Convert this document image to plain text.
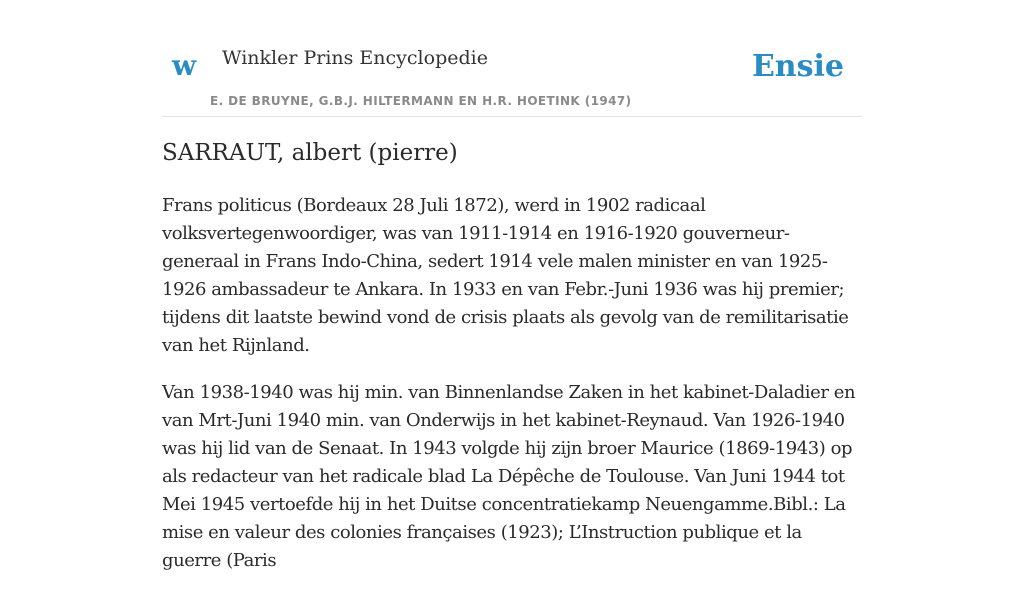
w Winkler Prins Encyclopedie
E. DE BRUYNE, G.B.J. HILTERMANN EN H.R. HOETINK (1947)
Ensie
SARRAUT, albert (pierre)

Frans politicus (Bordeaux 28 Juli 1872), werd in 1902 radicaal volksvertegenwoordiger, was van 1911-1914 en 1916-1920 gouverneur-generaal in Frans Indo-China, sedert 1914 vele malen minister en van 1925-1926 ambassadeur te Ankara. In 1933 en van Febr.-Juni 1936 was hij premier; tijdens dit laatste bewind vond de crisis plaats als gevolg van de remilitarisatie van het Rijnland.

Van 1938-1940 was hij min. van Binnenlandse Zaken in het kabinet-Daladier en van Mrt-Juni 1940 min. van Onderwijs in het kabinet-Reynaud. Van 1926-1940 was hij lid van de Senaat. In 1943 volgde hij zijn broer Maurice (1869-1943) op als redacteur van het radicale blad La Dépêche de Toulouse. Van Juni 1944 tot Mei 1945 vertoefde hij in het Duitse concentratiekamp Neuengamme.Bibl.: La mise en valeur des colonies françaises (1923); L’Instruction publique et la guerre (Paris
